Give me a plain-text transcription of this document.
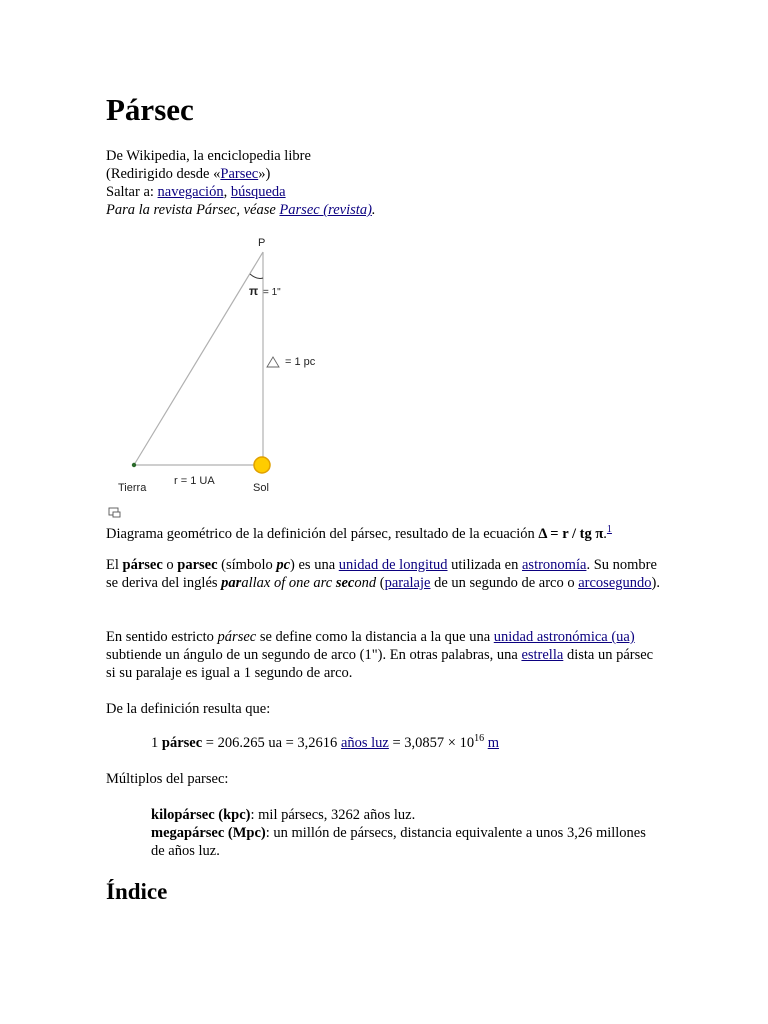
Pársec
De Wikipedia, la enciclopedia libre
(Redirigido desde «Parsec»)
Saltar a: navegación, búsqueda
Para la revista Pársec, véase Parsec (revista).
P
π = 1"
= 1 pc
r = 1 UA
Tierra	Sol
Diagrama geométrico de la definición del pársec, resultado de la ecuación Δ = r / tg π.$^1$

El pársec o parsec (símbolo pc) es una unidad de longitud utilizada en astronomía. Su nombre se deriva del inglés parallax of one arc second (paralaje de un segundo de arco o arcosegundo).

En sentido estricto pársec se define como la distancia a la que una unidad astronómica (ua) subtiende un ángulo de un segundo de arco (1"). En otras palabras, una estrella dista un pársec si su paralaje es igual a 1 segundo de arco.

De la definición resulta que:

1 pársec = 206.265 ua = 3,2616 años luz = $3,0857 \times 10^{16}$ m
Múltiplos del parsec:
kilopársec (kpc): mil pársecs, 3262 años luz.
megapársec (Mpc): un millón de pársecs, distancia equivalente a unos 3,26 millones de años luz.
Índice
